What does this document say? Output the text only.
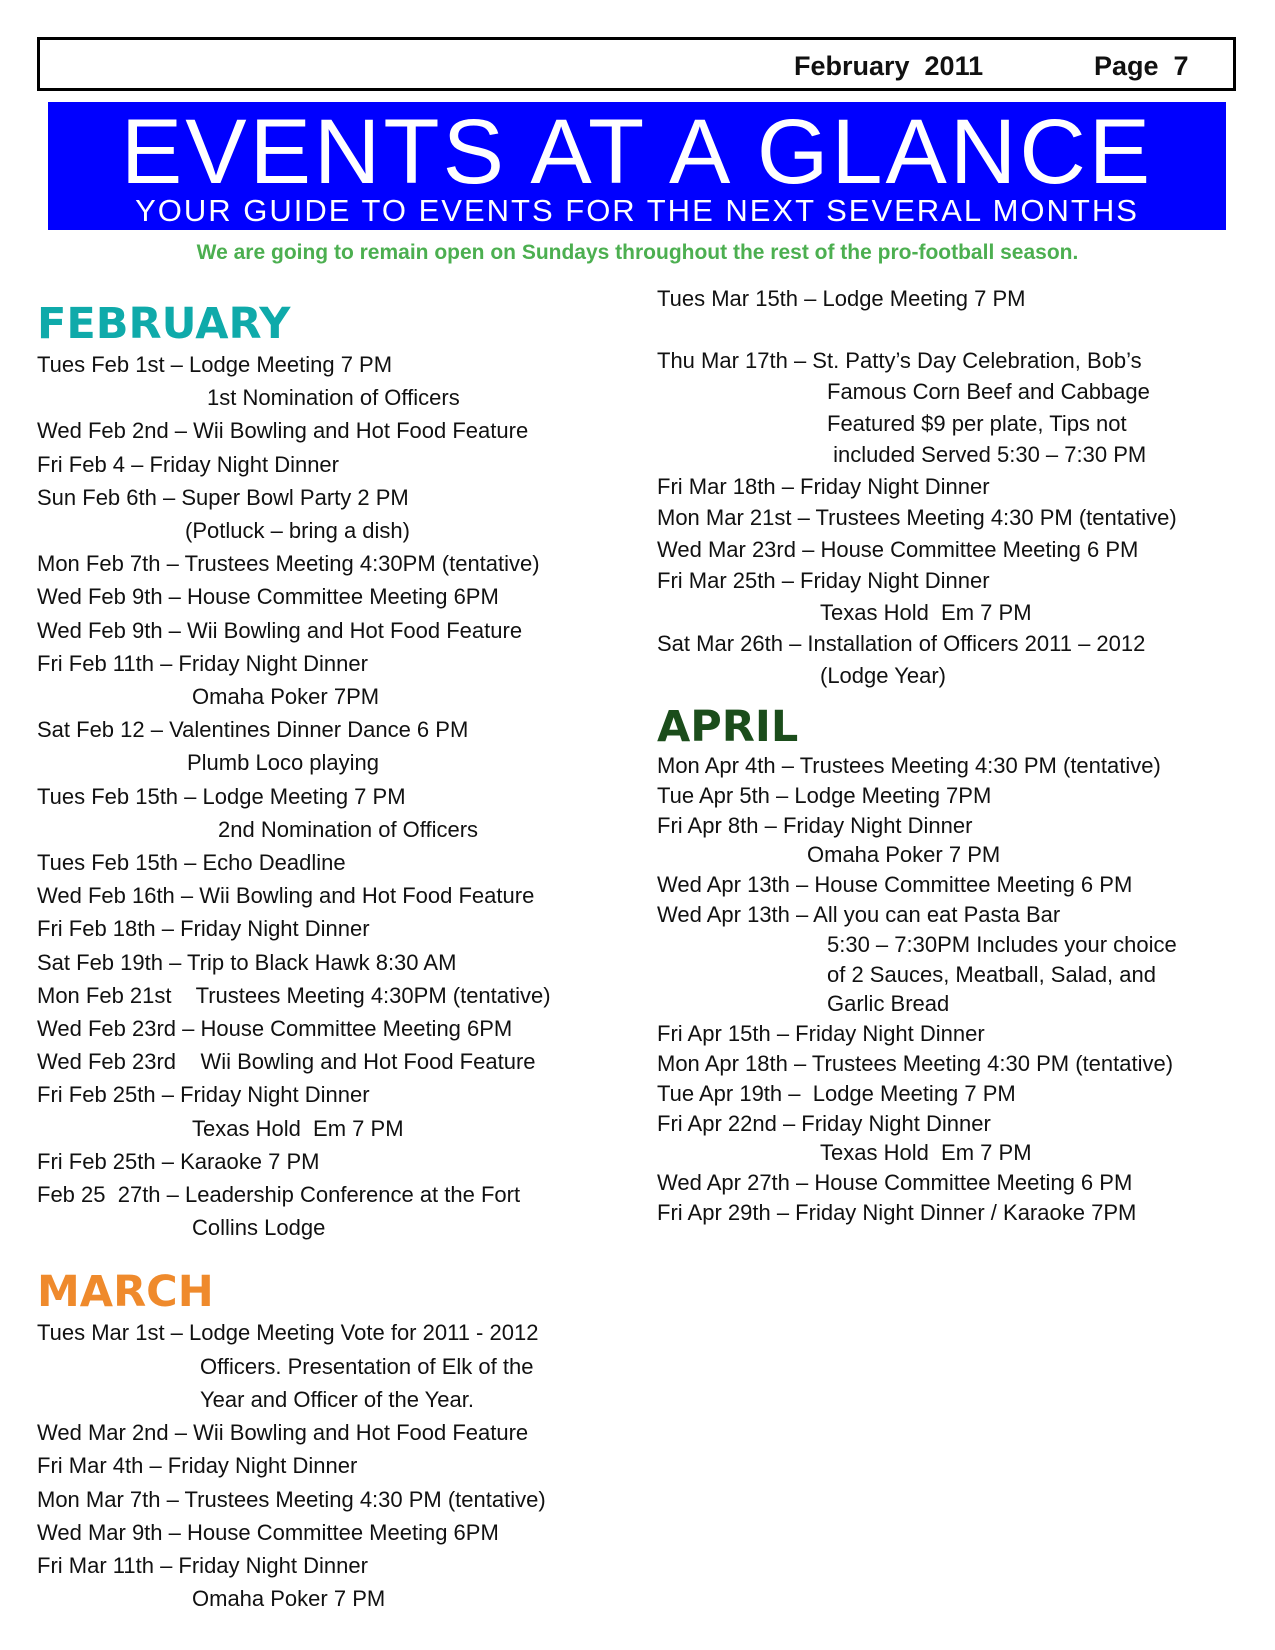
February  2011	Page  7
EVENTS AT A GLANCE
YOUR GUIDE TO EVENTS FOR THE NEXT SEVERAL MONTHS
We are going to remain open on Sundays throughout the rest of the pro-football season.
FEBRUARY

Tues Feb 1st – Lodge Meeting 7 PM

1st Nomination of Officers

Wed Feb 2nd – Wii Bowling and Hot Food Feature

Fri Feb 4 – Friday Night Dinner

Sun Feb 6th – Super Bowl Party 2 PM

(Potluck – bring a dish)

Mon Feb 7th – Trustees Meeting 4:30PM (tentative)

Wed Feb 9th – House Committee Meeting 6PM

Wed Feb 9th – Wii Bowling and Hot Food Feature

Fri Feb 11th – Friday Night Dinner

Omaha Poker 7PM

Sat Feb 12 – Valentines Dinner Dance 6 PM

Plumb Loco playing

Tues Feb 15th – Lodge Meeting 7 PM

2nd Nomination of Officers

Tues Feb 15th – Echo Deadline

Wed Feb 16th – Wii Bowling and Hot Food Feature

Fri Feb 18th – Friday Night Dinner

Sat Feb 19th – Trip to Black Hawk 8:30 AM

Mon Feb 21st    Trustees Meeting 4:30PM (tentative)

Wed Feb 23rd – House Committee Meeting 6PM

Wed Feb 23rd    Wii Bowling and Hot Food Feature

Fri Feb 25th – Friday Night Dinner

Texas Hold  Em 7 PM

Fri Feb 25th – Karaoke 7 PM

Feb 25  27th – Leadership Conference at the Fort

Collins Lodge

MARCH

Tues Mar 1st – Lodge Meeting Vote for 2011 - 2012

Officers. Presentation of Elk of the

Year and Officer of the Year.

Wed Mar 2nd – Wii Bowling and Hot Food Feature

Fri Mar 4th – Friday Night Dinner

Mon Mar 7th – Trustees Meeting 4:30 PM (tentative)

Wed Mar 9th – House Committee Meeting 6PM

Fri Mar 11th – Friday Night Dinner

Omaha Poker 7 PM

Tues Mar 15th – Lodge Meeting 7 PM

Thu Mar 17th – St. Patty’s Day Celebration, Bob’s

Famous Corn Beef and Cabbage

Featured $9 per plate, Tips not

included Served 5:30 – 7:30 PM

Fri Mar 18th – Friday Night Dinner

Mon Mar 21st – Trustees Meeting 4:30 PM (tentative)

Wed Mar 23rd – House Committee Meeting 6 PM

Fri Mar 25th – Friday Night Dinner

Texas Hold  Em 7 PM

Sat Mar 26th – Installation of Officers 2011 – 2012

(Lodge Year)

APRIL

Mon Apr 4th – Trustees Meeting 4:30 PM (tentative)

Tue Apr 5th – Lodge Meeting 7PM

Fri Apr 8th – Friday Night Dinner

Omaha Poker 7 PM

Wed Apr 13th – House Committee Meeting 6 PM

Wed Apr 13th – All you can eat Pasta Bar

5:30 – 7:30PM Includes your choice

of 2 Sauces, Meatball, Salad, and

Garlic Bread

Fri Apr 15th – Friday Night Dinner

Mon Apr 18th – Trustees Meeting 4:30 PM (tentative)

Tue Apr 19th –  Lodge Meeting 7 PM

Fri Apr 22nd – Friday Night Dinner

Texas Hold  Em 7 PM

Wed Apr 27th – House Committee Meeting 6 PM

Fri Apr 29th – Friday Night Dinner / Karaoke 7PM
